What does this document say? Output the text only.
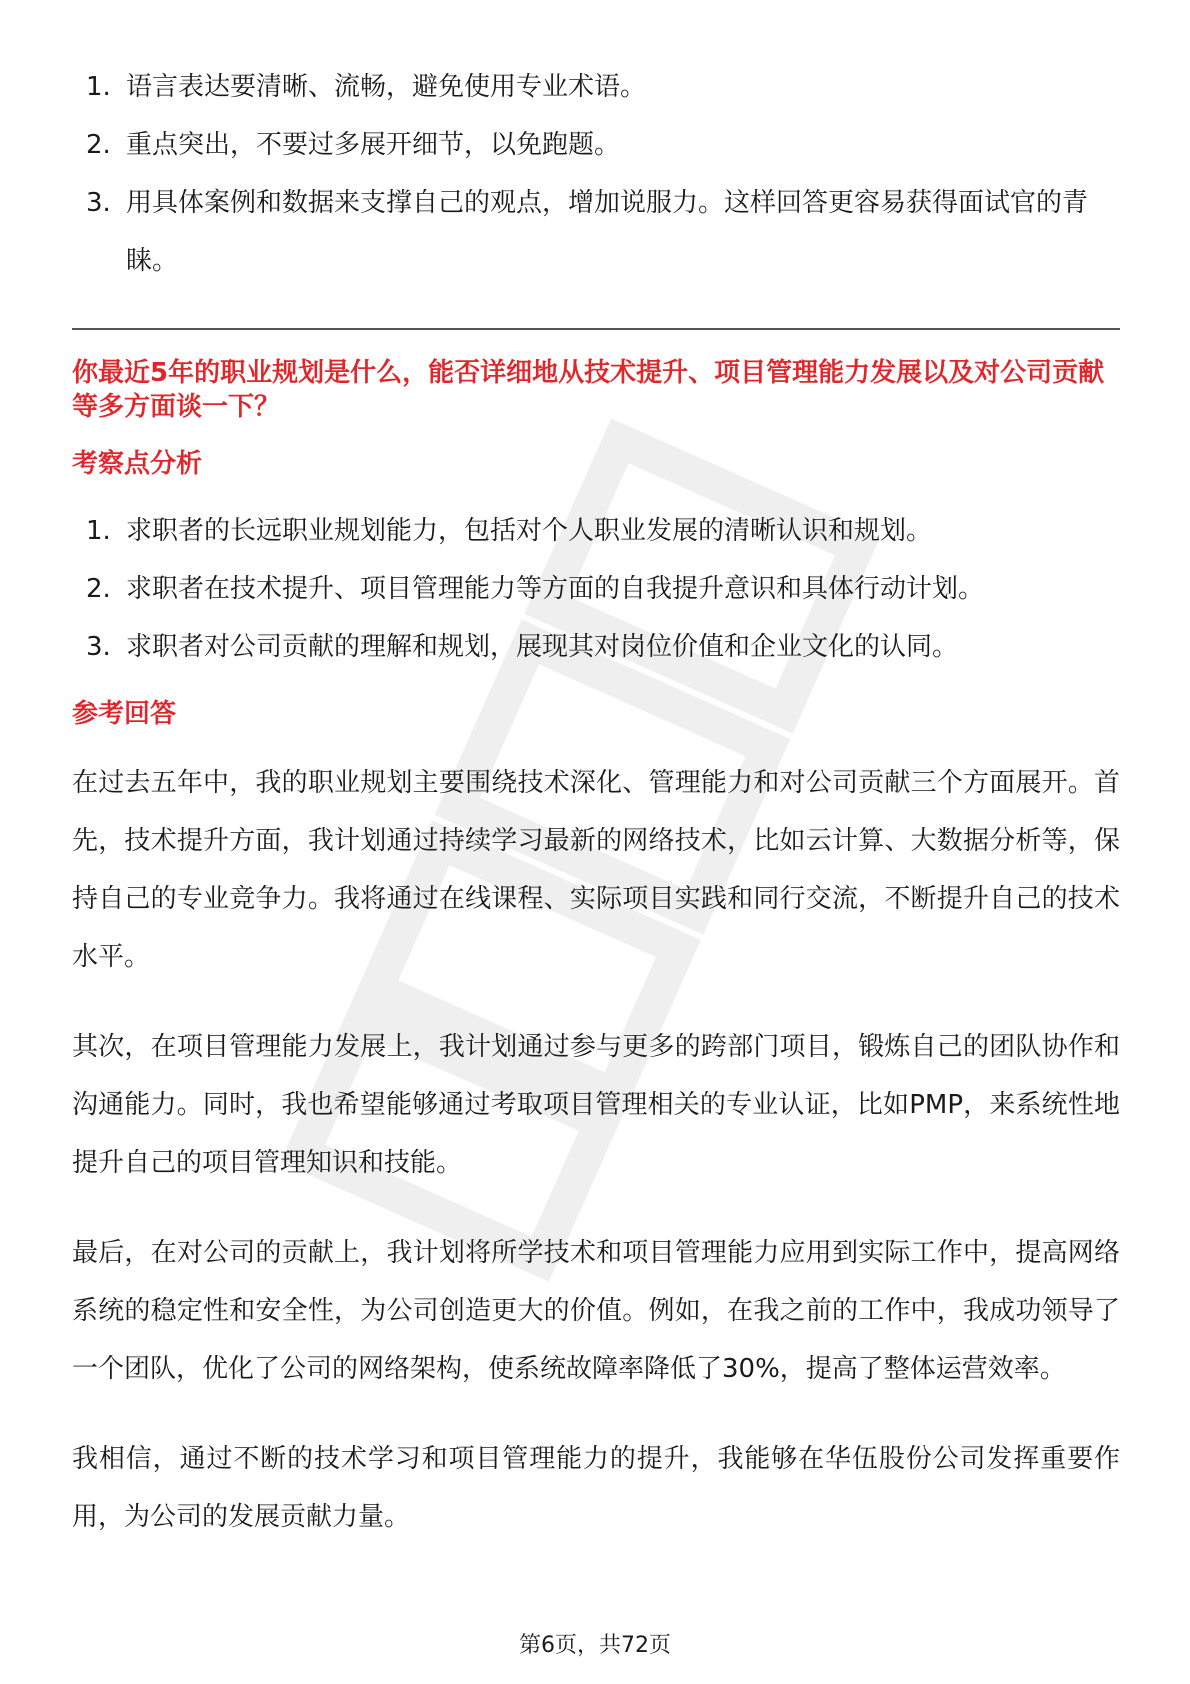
1. 语言表达要清晰、流畅，避免使用专业术语。
2. 重点突出，不要过多展开细节，以免跑题。
3. 用具体案例和数据来支撑自己的观点，增加说服力。这样回答更容易获得面试官的青睐。

你最近5年的职业规划是什么，能否详细地从技术提升、项目管理能力发展以及对公司贡献等多方面谈一下？

考察点分析
1. 求职者的长远职业规划能力，包括对个人职业发展的清晰认识和规划。
2. 求职者在技术提升、项目管理能力等方面的自我提升意识和具体行动计划。
3. 求职者对公司贡献的理解和规划，展现其对岗位价值和企业文化的认同。
参考回答

在过去五年中，我的职业规划主要围绕技术深化、管理能力和对公司贡献三个方面展开。首先，技术提升方面，我计划通过持续学习最新的网络技术，比如云计算、大数据分析等，保持自己的专业竞争力。我将通过在线课程、实际项目实践和同行交流，不断提升自己的技术水平。

其次，在项目管理能力发展上，我计划通过参与更多的跨部门项目，锻炼自己的团队协作和沟通能力。同时，我也希望能够通过考取项目管理相关的专业认证，比如PMP，来系统性地提升自己的项目管理知识和技能。

最后，在对公司的贡献上，我计划将所学技术和项目管理能力应用到实际工作中，提高网络系统的稳定性和安全性，为公司创造更大的价值。例如，在我之前的工作中，我成功领导了一个团队，优化了公司的网络架构，使系统故障率降低了30%，提高了整体运营效率。

我相信，通过不断的技术学习和项目管理能力的提升，我能够在华伍股份公司发挥重要作用，为公司的发展贡献力量。

第6页，共72页
